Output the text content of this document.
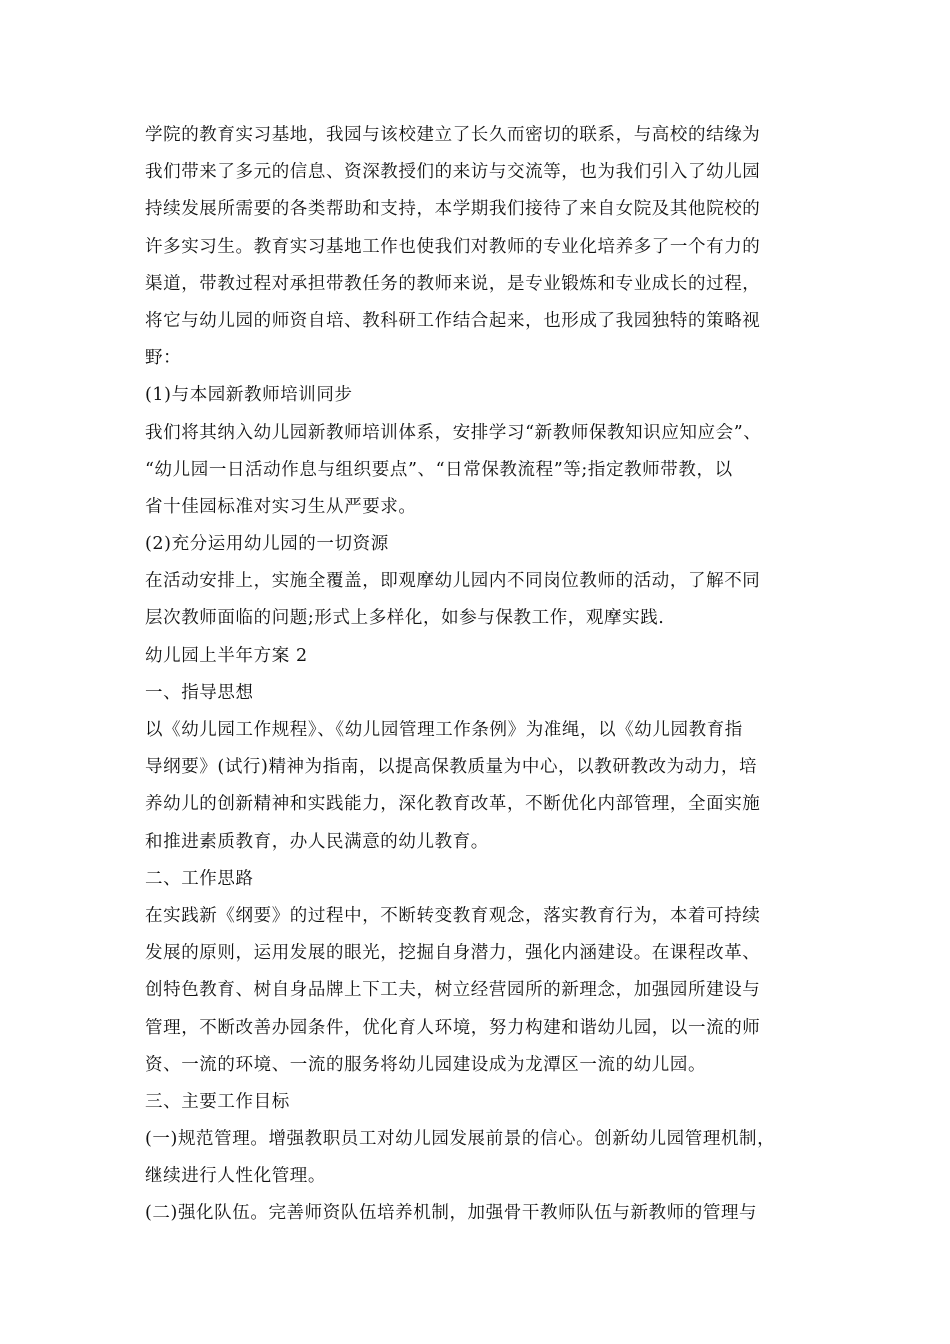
学院的教育实习基地，我园与该校建立了长久而密切的联系，与高校的结缘为
我们带来了多元的信息、资深教授们的来访与交流等，也为我们引入了幼儿园
持续发展所需要的各类帮助和支持，本学期我们接待了来自女院及其他院校的
许多实习生。教育实习基地工作也使我们对教师的专业化培养多了一个有力的
渠道，带教过程对承担带教任务的教师来说，是专业锻炼和专业成长的过程，
将它与幼儿园的师资自培、教科研工作结合起来，也形成了我园独特的策略视
野：
(1)与本园新教师培训同步
我们将其纳入幼儿园新教师培训体系，安排学习“新教师保教知识应知应会”、
“幼儿园一日活动作息与组织要点”、“日常保教流程”等;指定教师带教，以
省十佳园标准对实习生从严要求。
(2)充分运用幼儿园的一切资源
在活动安排上，实施全覆盖，即观摩幼儿园内不同岗位教师的活动，了解不同
层次教师面临的问题;形式上多样化，如参与保教工作，观摩实践.
幼儿园上半年方案 2
一、指导思想
以《幼儿园工作规程》、《幼儿园管理工作条例》为准绳，以《幼儿园教育指
导纲要》(试行)精神为指南，以提高保教质量为中心，以教研教改为动力，培
养幼儿的创新精神和实践能力，深化教育改革，不断优化内部管理，全面实施
和推进素质教育，办人民满意的幼儿教育。
二、工作思路
在实践新《纲要》的过程中，不断转变教育观念，落实教育行为，本着可持续
发展的原则，运用发展的眼光，挖掘自身潜力，强化内涵建设。在课程改革、
创特色教育、树自身品牌上下工夫，树立经营园所的新理念，加强园所建设与
管理，不断改善办园条件，优化育人环境，努力构建和谐幼儿园，以一流的师
资、一流的环境、一流的服务将幼儿园建设成为龙潭区一流的幼儿园。
三、主要工作目标
(一)规范管理。增强教职员工对幼儿园发展前景的信心。创新幼儿园管理机制，
继续进行人性化管理。
(二)强化队伍。完善师资队伍培养机制，加强骨干教师队伍与新教师的管理与
